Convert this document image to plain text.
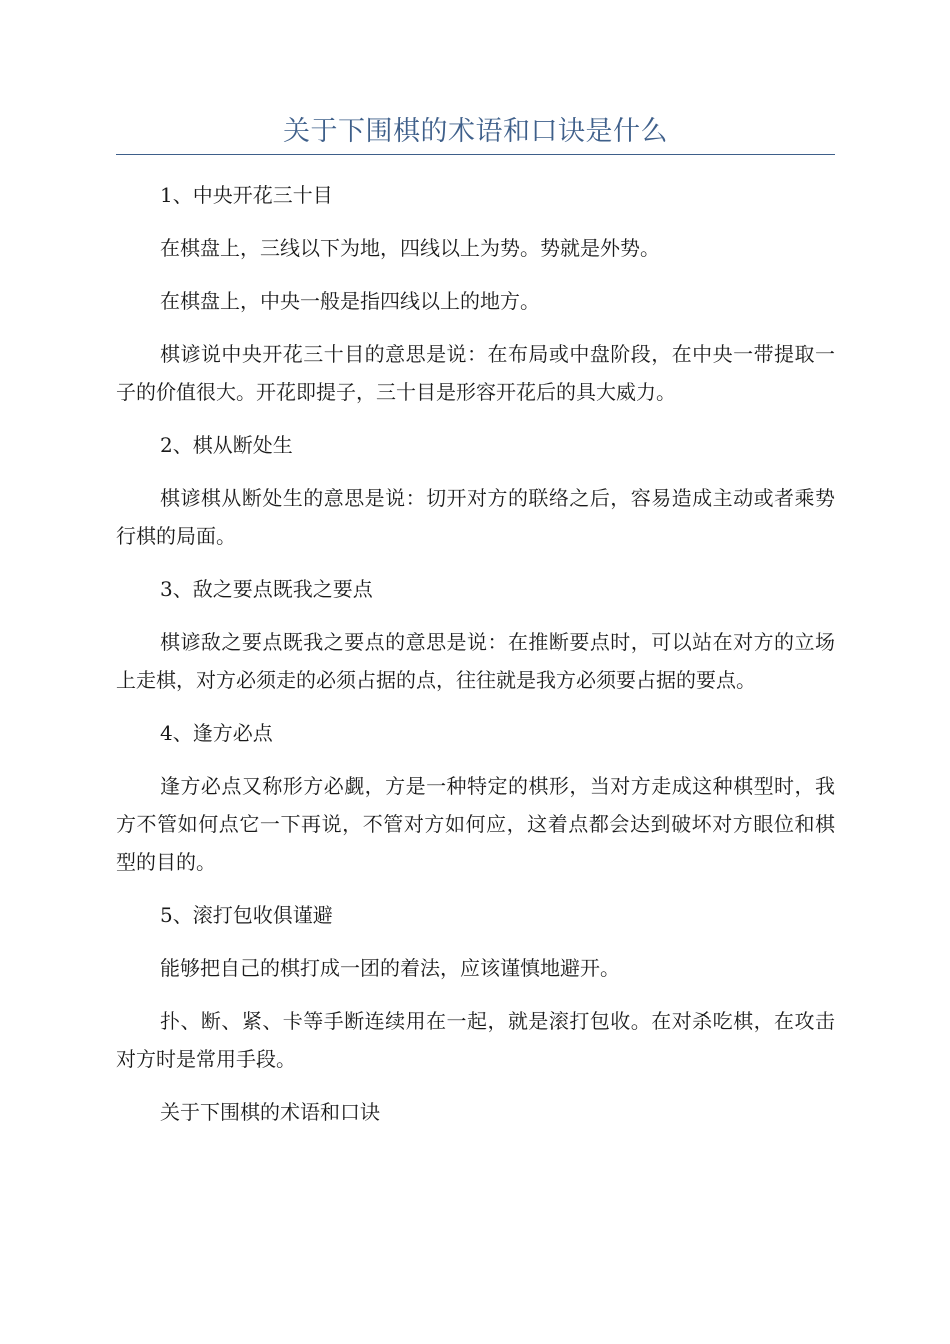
关于下围棋的术语和口诀是什么

1、中央开花三十目

在棋盘上，三线以下为地，四线以上为势。势就是外势。

在棋盘上，中央一般是指四线以上的地方。

棋谚说中央开花三十目的意思是说：在布局或中盘阶段，在中央一带提取一子的价值很大。开花即提子，三十目是形容开花后的具大威力。

2、棋从断处生

棋谚棋从断处生的意思是说：切开对方的联络之后，容易造成主动或者乘势行棋的局面。

3、敌之要点既我之要点

棋谚敌之要点既我之要点的意思是说：在推断要点时，可以站在对方的立场上走棋，对方必须走的必须占据的点，往往就是我方必须要占据的要点。

4、逢方必点

逢方必点又称形方必觑，方是一种特定的棋形，当对方走成这种棋型时，我方不管如何点它一下再说，不管对方如何应，这着点都会达到破坏对方眼位和棋型的目的。

5、滚打包收俱谨避

能够把自己的棋打成一团的着法，应该谨慎地避开。

扑、断、紧、卡等手断连续用在一起，就是滚打包收。在对杀吃棋，在攻击对方时是常用手段。

关于下围棋的术语和口诀
